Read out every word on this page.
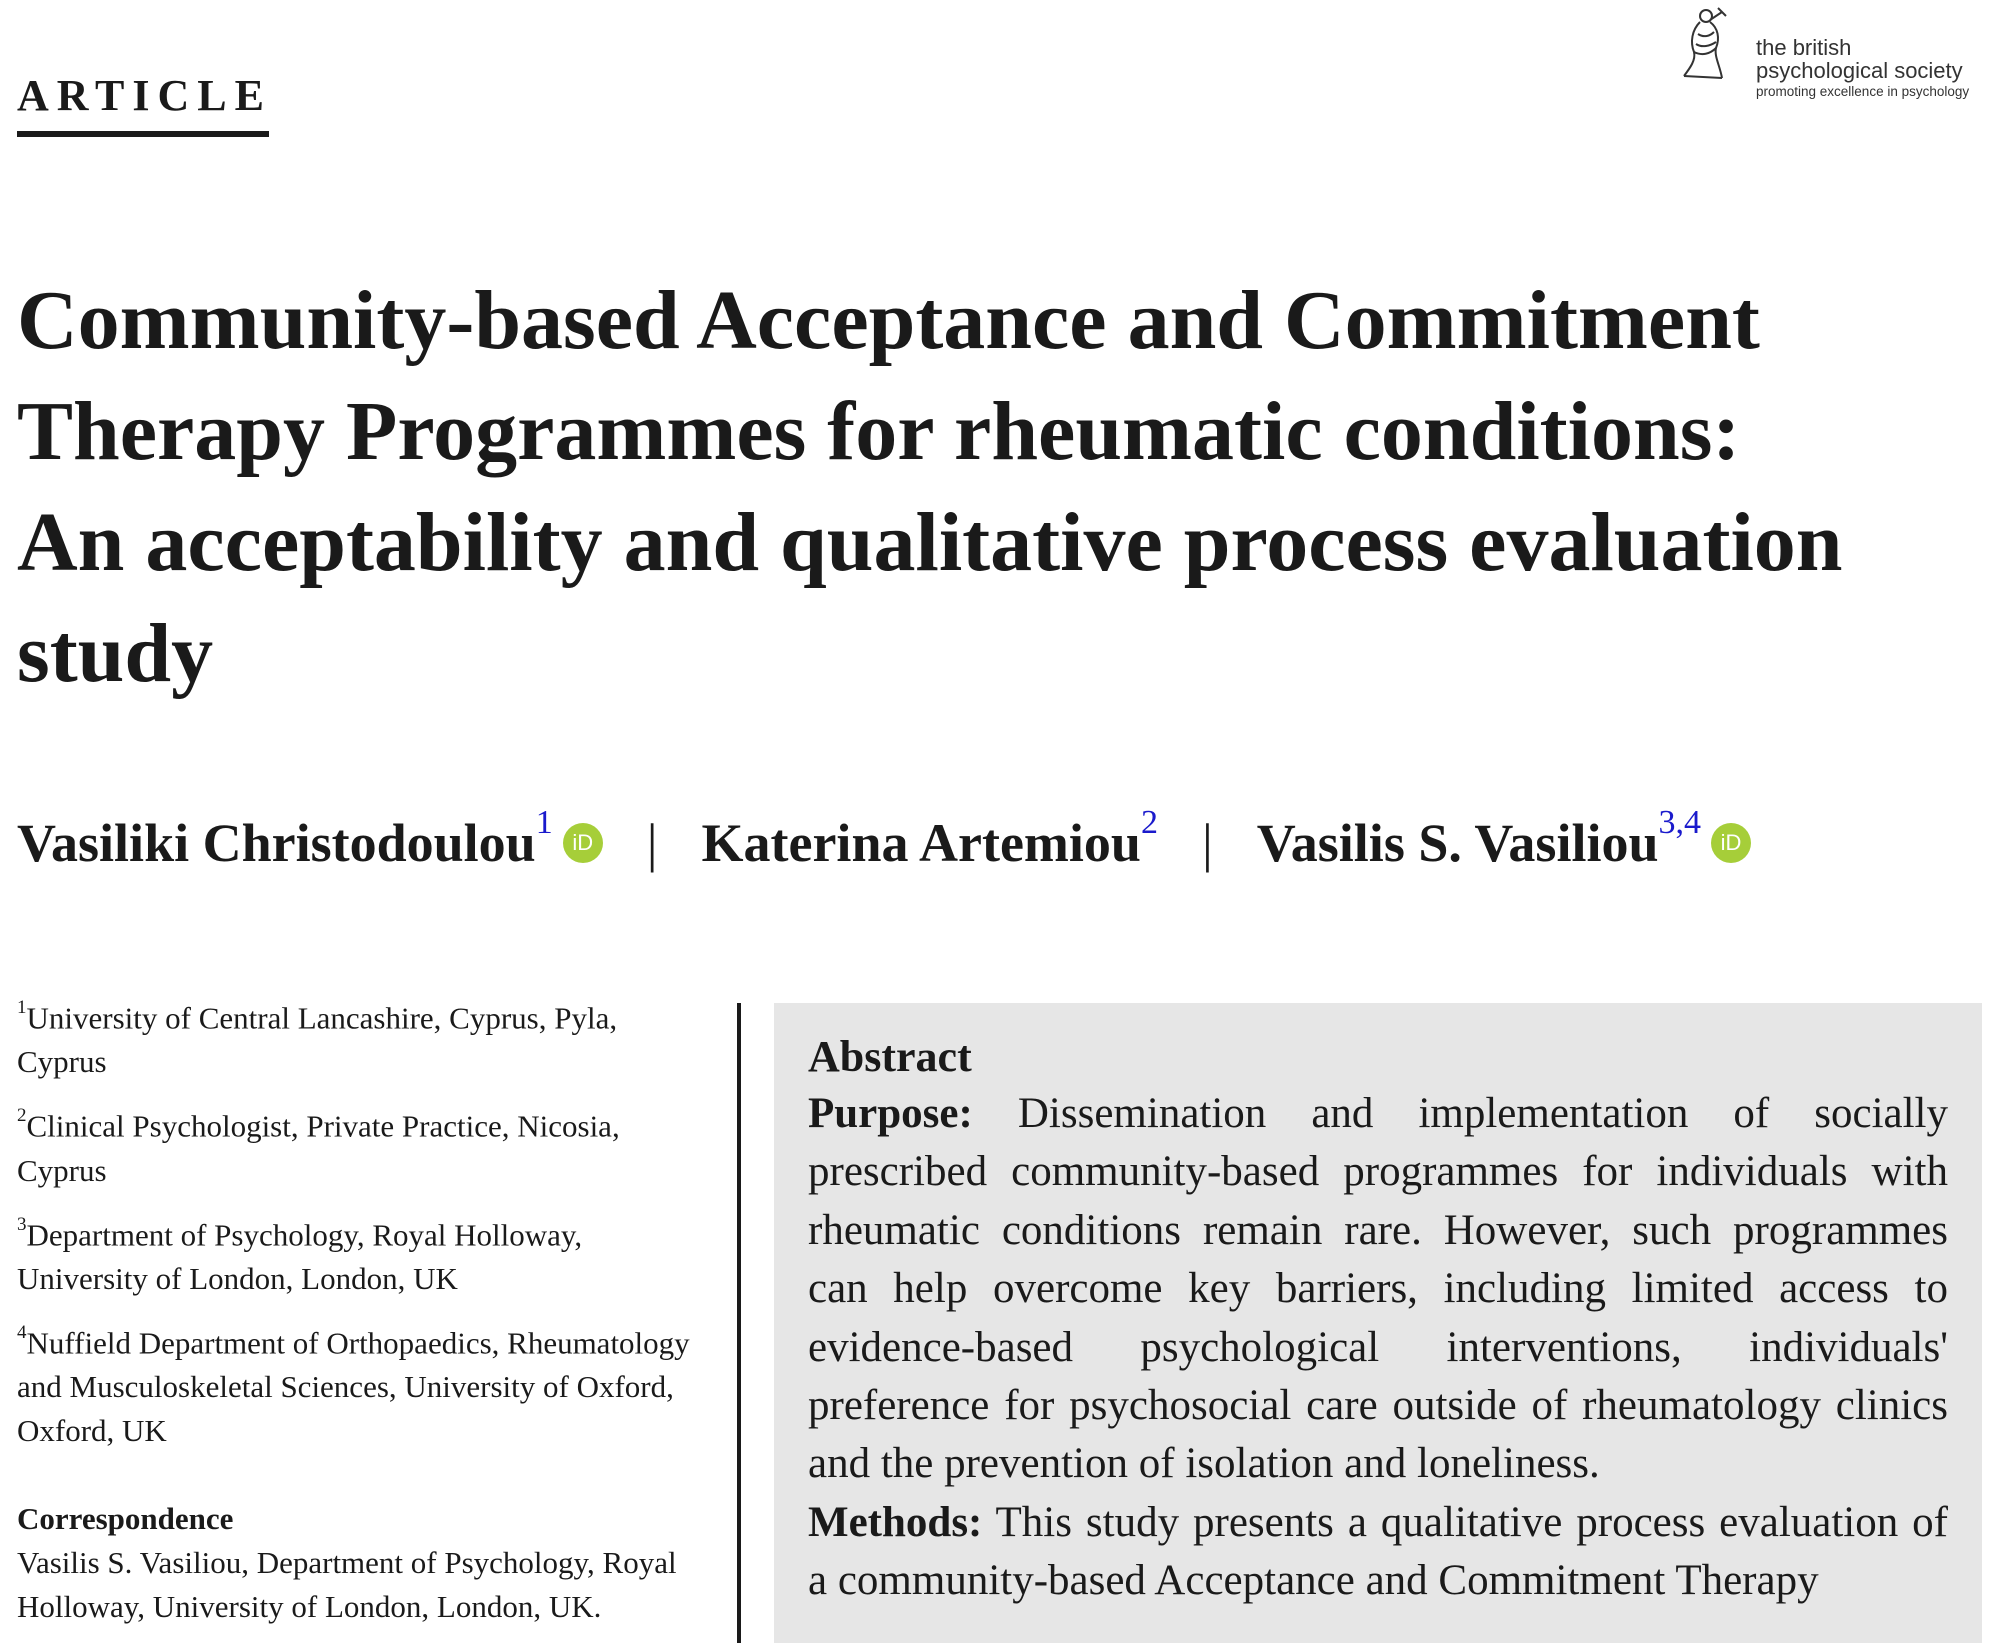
ARTICLE
the british
psychological society
promoting excellence in psychology
Community-based Acceptance and Commitment
Therapy Programmes for rheumatic conditions:
An acceptability and qualitative process evaluation
study
Vasiliki Christodoulou$^1$iD | Katerina Artemiou$^2$ | Vasilis S. Vasiliou$^{3,4}$iD
$^1$University of Central Lancashire, Cyprus, Pyla, Cyprus
$^2$Clinical Psychologist, Private Practice, Nicosia, Cyprus
$^3$Department of Psychology, Royal Holloway, University of London, London, UK
$^4$Nuffield Department of Orthopaedics, Rheumatology and Musculoskeletal Sciences, University of Oxford, Oxford, UK
Correspondence

Vasilis S. Vasiliou, Department of Psychology, Royal Holloway, University of London, London, UK.

Abstract

Purpose: Dissemination and implementation of socially prescribed community-based programmes for individuals with rheumatic conditions remain rare. However, such programmes can help overcome key barriers, including limited access to evidence-based psychological interventions, individuals' preference for psychosocial care outside of rheumatology clinics and the prevention of isolation and loneliness.

Methods: This study presents a qualitative process evaluation of a community-based Acceptance and Commitment Therapy
